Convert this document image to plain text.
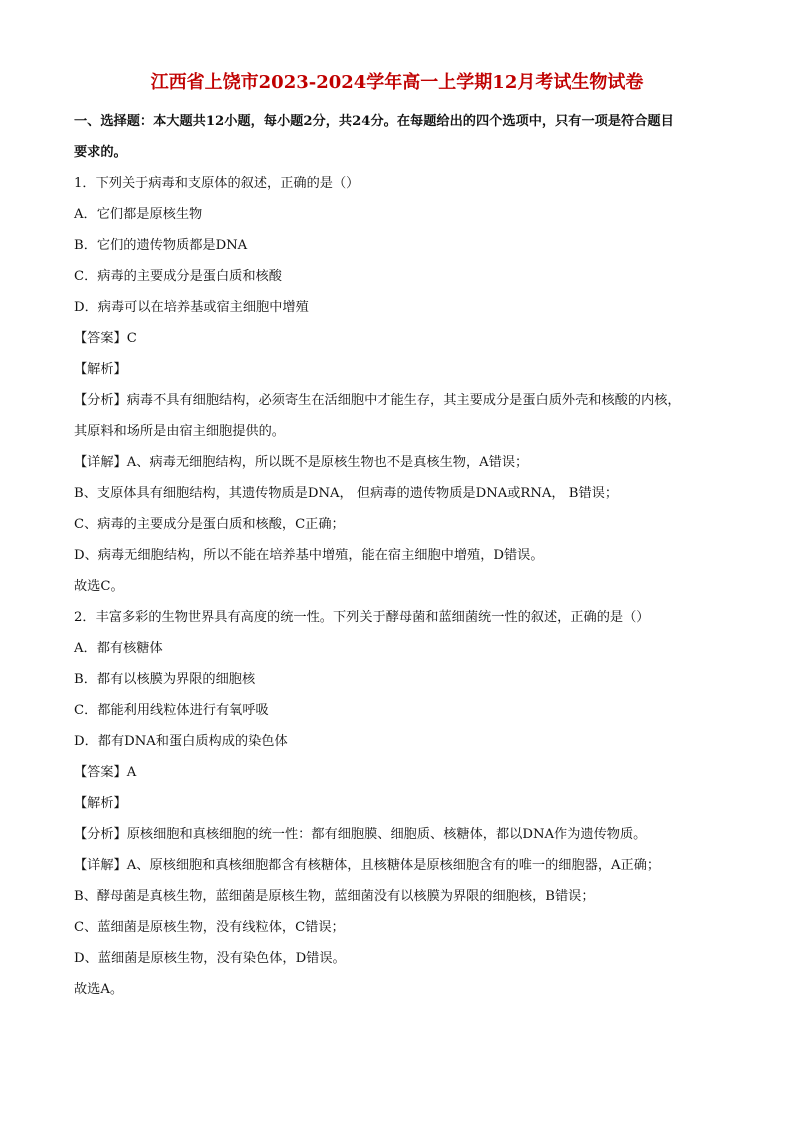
江西省上饶市2023-2024学年高一上学期12月考试生物试卷

一、选择题：本大题共12小题，每小题2分，共24分。在每题给出的四个选项中，只有一项是符合题目

要求的。

1．下列关于病毒和支原体的叙述，正确的是（）

A．它们都是原核生物

B．它们的遗传物质都是DNA

C．病毒的主要成分是蛋白质和核酸

D．病毒可以在培养基或宿主细胞中增殖

【答案】C

【解析】

【分析】病毒不具有细胞结构，必须寄生在活细胞中才能生存，其主要成分是蛋白质外壳和核酸的内核，

其原料和场所是由宿主细胞提供的。

【详解】A、病毒无细胞结构，所以既不是原核生物也不是真核生物，A错误；

B、支原体具有细胞结构，其遗传物质是DNA， 但病毒的遗传物质是DNA或RNA， B错误；

C、病毒的主要成分是蛋白质和核酸，C正确；

D、病毒无细胞结构，所以不能在培养基中增殖，能在宿主细胞中增殖，D错误。

故选C。

2．丰富多彩的生物世界具有高度的统一性。下列关于酵母菌和蓝细菌统一性的叙述，正确的是（）

A．都有核糖体

B．都有以核膜为界限的细胞核

C．都能利用线粒体进行有氧呼吸

D．都有DNA和蛋白质构成的染色体

【答案】A

【解析】

【分析】原核细胞和真核细胞的统一性：都有细胞膜、细胞质、核糖体，都以DNA作为遗传物质。

【详解】A、原核细胞和真核细胞都含有核糖体，且核糖体是原核细胞含有的唯一的细胞器，A正确；

B、酵母菌是真核生物，蓝细菌是原核生物，蓝细菌没有以核膜为界限的细胞核，B错误；

C、蓝细菌是原核生物，没有线粒体，C错误；

D、蓝细菌是原核生物，没有染色体，D错误。

故选A。
